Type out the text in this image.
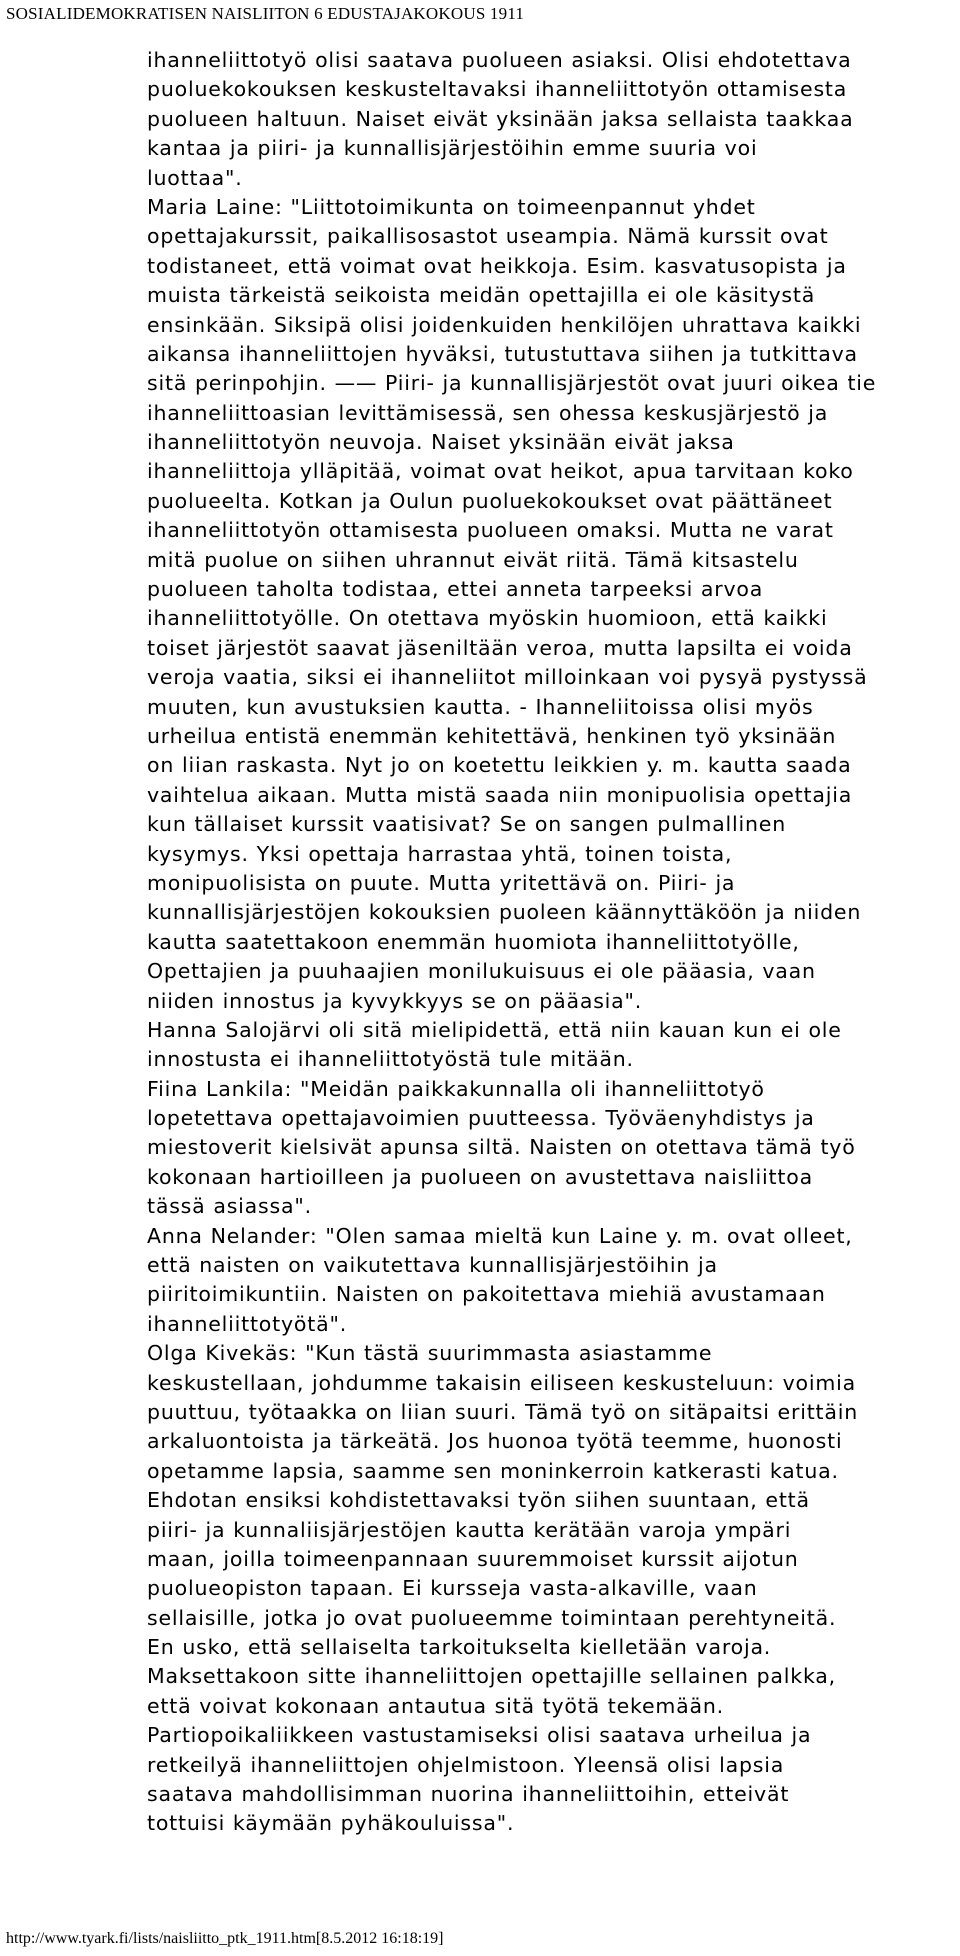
SOSIALIDEMOKRATISEN NAISLIITON 6 EDUSTAJAKOKOUS 1911
ihanneliittotyö olisi saatava puolueen asiaksi. Olisi ehdotettava
puoluekokouksen keskusteltavaksi ihanneliittotyön ottamisesta
puolueen haltuun. Naiset eivät yksinään jaksa sellaista taakkaa
kantaa ja piiri- ja kunnallisjärjestöihin emme suuria voi
luottaa".
Maria Laine: "Liittotoimikunta on toimeenpannut yhdet
opettajakurssit, paikallisosastot useampia. Nämä kurssit ovat
todistaneet, että voimat ovat heikkoja. Esim. kasvatusopista ja
muista tärkeistä seikoista meidän opettajilla ei ole käsitystä
ensinkään. Siksipä olisi joidenkuiden henkilöjen uhrattava kaikki
aikansa ihanneliittojen hyväksi, tutustuttava siihen ja tutkittava
sitä perinpohjin. —— Piiri- ja kunnallisjärjestöt ovat juuri oikea tie
ihanneliittoasian levittämisessä, sen ohessa keskusjärjestö ja
ihanneliittotyön neuvoja. Naiset yksinään eivät jaksa
ihanneliittoja ylläpitää, voimat ovat heikot, apua tarvitaan koko
puolueelta. Kotkan ja Oulun puoluekokoukset ovat päättäneet
ihanneliittotyön ottamisesta puolueen omaksi. Mutta ne varat
mitä puolue on siihen uhrannut eivät riitä. Tämä kitsastelu
puolueen taholta todistaa, ettei anneta tarpeeksi arvoa
ihanneliittotyölle. On otettava myöskin huomioon, että kaikki
toiset järjestöt saavat jäseniltään veroa, mutta lapsilta ei voida
veroja vaatia, siksi ei ihanneliitot milloinkaan voi pysyä pystyssä
muuten, kun avustuksien kautta. - Ihanneliitoissa olisi myös
urheilua entistä enemmän kehitettävä, henkinen työ yksinään
on liian raskasta. Nyt jo on koetettu leikkien y. m. kautta saada
vaihtelua aikaan. Mutta mistä saada niin monipuolisia opettajia
kun tällaiset kurssit vaatisivat? Se on sangen pulmallinen
kysymys. Yksi opettaja harrastaa yhtä, toinen toista,
monipuolisista on puute. Mutta yritettävä on. Piiri- ja
kunnallisjärjestöjen kokouksien puoleen käännyttäköön ja niiden
kautta saatettakoon enemmän huomiota ihanneliittotyölle,
Opettajien ja puuhaajien monilukuisuus ei ole pääasia, vaan
niiden innostus ja kyvykkyys se on pääasia".
Hanna Salojärvi oli sitä mielipidettä, että niin kauan kun ei ole
innostusta ei ihanneliittotyöstä tule mitään.
Fiina Lankila: "Meidän paikkakunnalla oli ihanneliittotyö
lopetettava opettajavoimien puutteessa. Työväenyhdistys ja
miestoverit kielsivät apunsa siltä. Naisten on otettava tämä työ
kokonaan hartioilleen ja puolueen on avustettava naisliittoa
tässä asiassa".
Anna Nelander: "Olen samaa mieltä kun Laine y. m. ovat olleet,
että naisten on vaikutettava kunnallisjärjestöihin ja
piiritoimikuntiin. Naisten on pakoitettava miehiä avustamaan
ihanneliittotyötä".
Olga Kivekäs: "Kun tästä suurimmasta asiastamme
keskustellaan, johdumme takaisin eiliseen keskusteluun: voimia
puuttuu, työtaakka on liian suuri. Tämä työ on sitäpaitsi erittäin
arkaluontoista ja tärkeätä. Jos huonoa työtä teemme, huonosti
opetamme lapsia, saamme sen moninkerroin katkerasti katua.
Ehdotan ensiksi kohdistettavaksi työn siihen suuntaan, että
piiri- ja kunnaliisjärjestöjen kautta kerätään varoja ympäri
maan, joilla toimeenpannaan suuremmoiset kurssit aijotun
puolueopiston tapaan. Ei kursseja vasta-alkaville, vaan
sellaisille, jotka jo ovat puolueemme toimintaan perehtyneitä.
En usko, että sellaiselta tarkoitukselta kielletään varoja.
Maksettakoon sitte ihanneliittojen opettajille sellainen palkka,
että voivat kokonaan antautua sitä työtä tekemään.
Partiopoikaliikkeen vastustamiseksi olisi saatava urheilua ja
retkeilyä ihanneliittojen ohjelmistoon. Yleensä olisi lapsia
saatava mahdollisimman nuorina ihanneliittoihin, etteivät
tottuisi käymään pyhäkouluissa".
http://www.tyark.fi/lists/naisliitto_ptk_1911.htm[8.5.2012 16:18:19]
